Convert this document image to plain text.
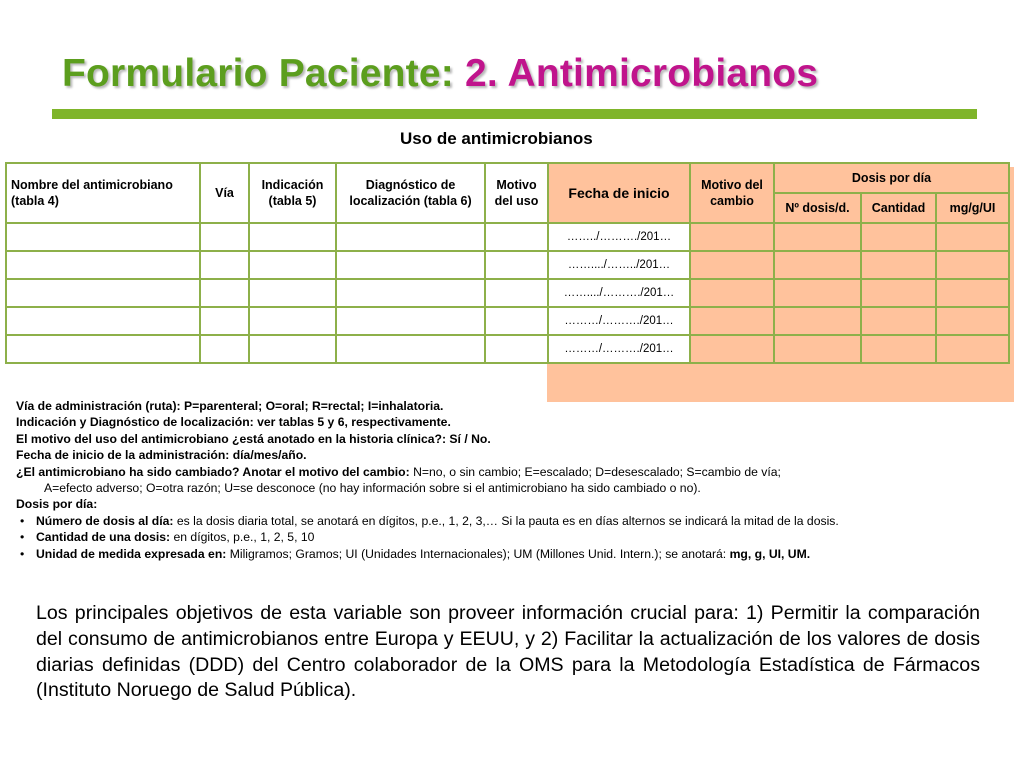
Formulario Paciente: 2. Antimicrobianos
Uso de antimicrobianos
Nombre del antimicrobiano (tabla 4)	Vía	Indicación (tabla 5)	Diagnóstico de localización (tabla 6)	Motivo del uso	Fecha de inicio	Motivo del cambio	Dosis por día		
							Nº dosis/d.	Cantidad	mg/g/UI
					……../………./201…				
					……..../……../201…				
					……..../………./201…				
					………/………./201…				
					………/………./201…				
Vía de administración (ruta): P=parenteral; O=oral; R=rectal; I=inhalatoria.
Indicación y Diagnóstico de localización: ver tablas 5 y 6, respectivamente.
El motivo del uso del antimicrobiano ¿está anotado en la historia clínica?: Sí / No.
Fecha de inicio de la administración: día/mes/año.
¿El antimicrobiano ha sido cambiado? Anotar el motivo del cambio: N=no, o sin cambio; E=escalado; D=desescalado; S=cambio de vía;
A=efecto adverso; O=otra razón; U=se desconoce (no hay información sobre si el antimicrobiano ha sido cambiado o no).
Dosis por día:
• Número de dosis al día: es la dosis diaria total, se anotará en dígitos, p.e., 1, 2, 3,… Si la pauta es en días alternos se indicará la mitad de la dosis.
• Cantidad de una dosis: en dígitos, p.e., 1, 2, 5, 10
• Unidad de medida expresada en: Miligramos; Gramos; UI (Unidades Internacionales); UM (Millones Unid. Intern.); se anotará: mg, g, UI, UM.
Los principales objetivos de esta variable son proveer información crucial para: 1) Permitir la comparación del consumo de antimicrobianos entre Europa y EEUU, y 2) Facilitar la actualización de los valores de dosis diarias definidas (DDD) del Centro colaborador de la OMS para la Metodología Estadística de Fármacos (Instituto Noruego de Salud Pública).
